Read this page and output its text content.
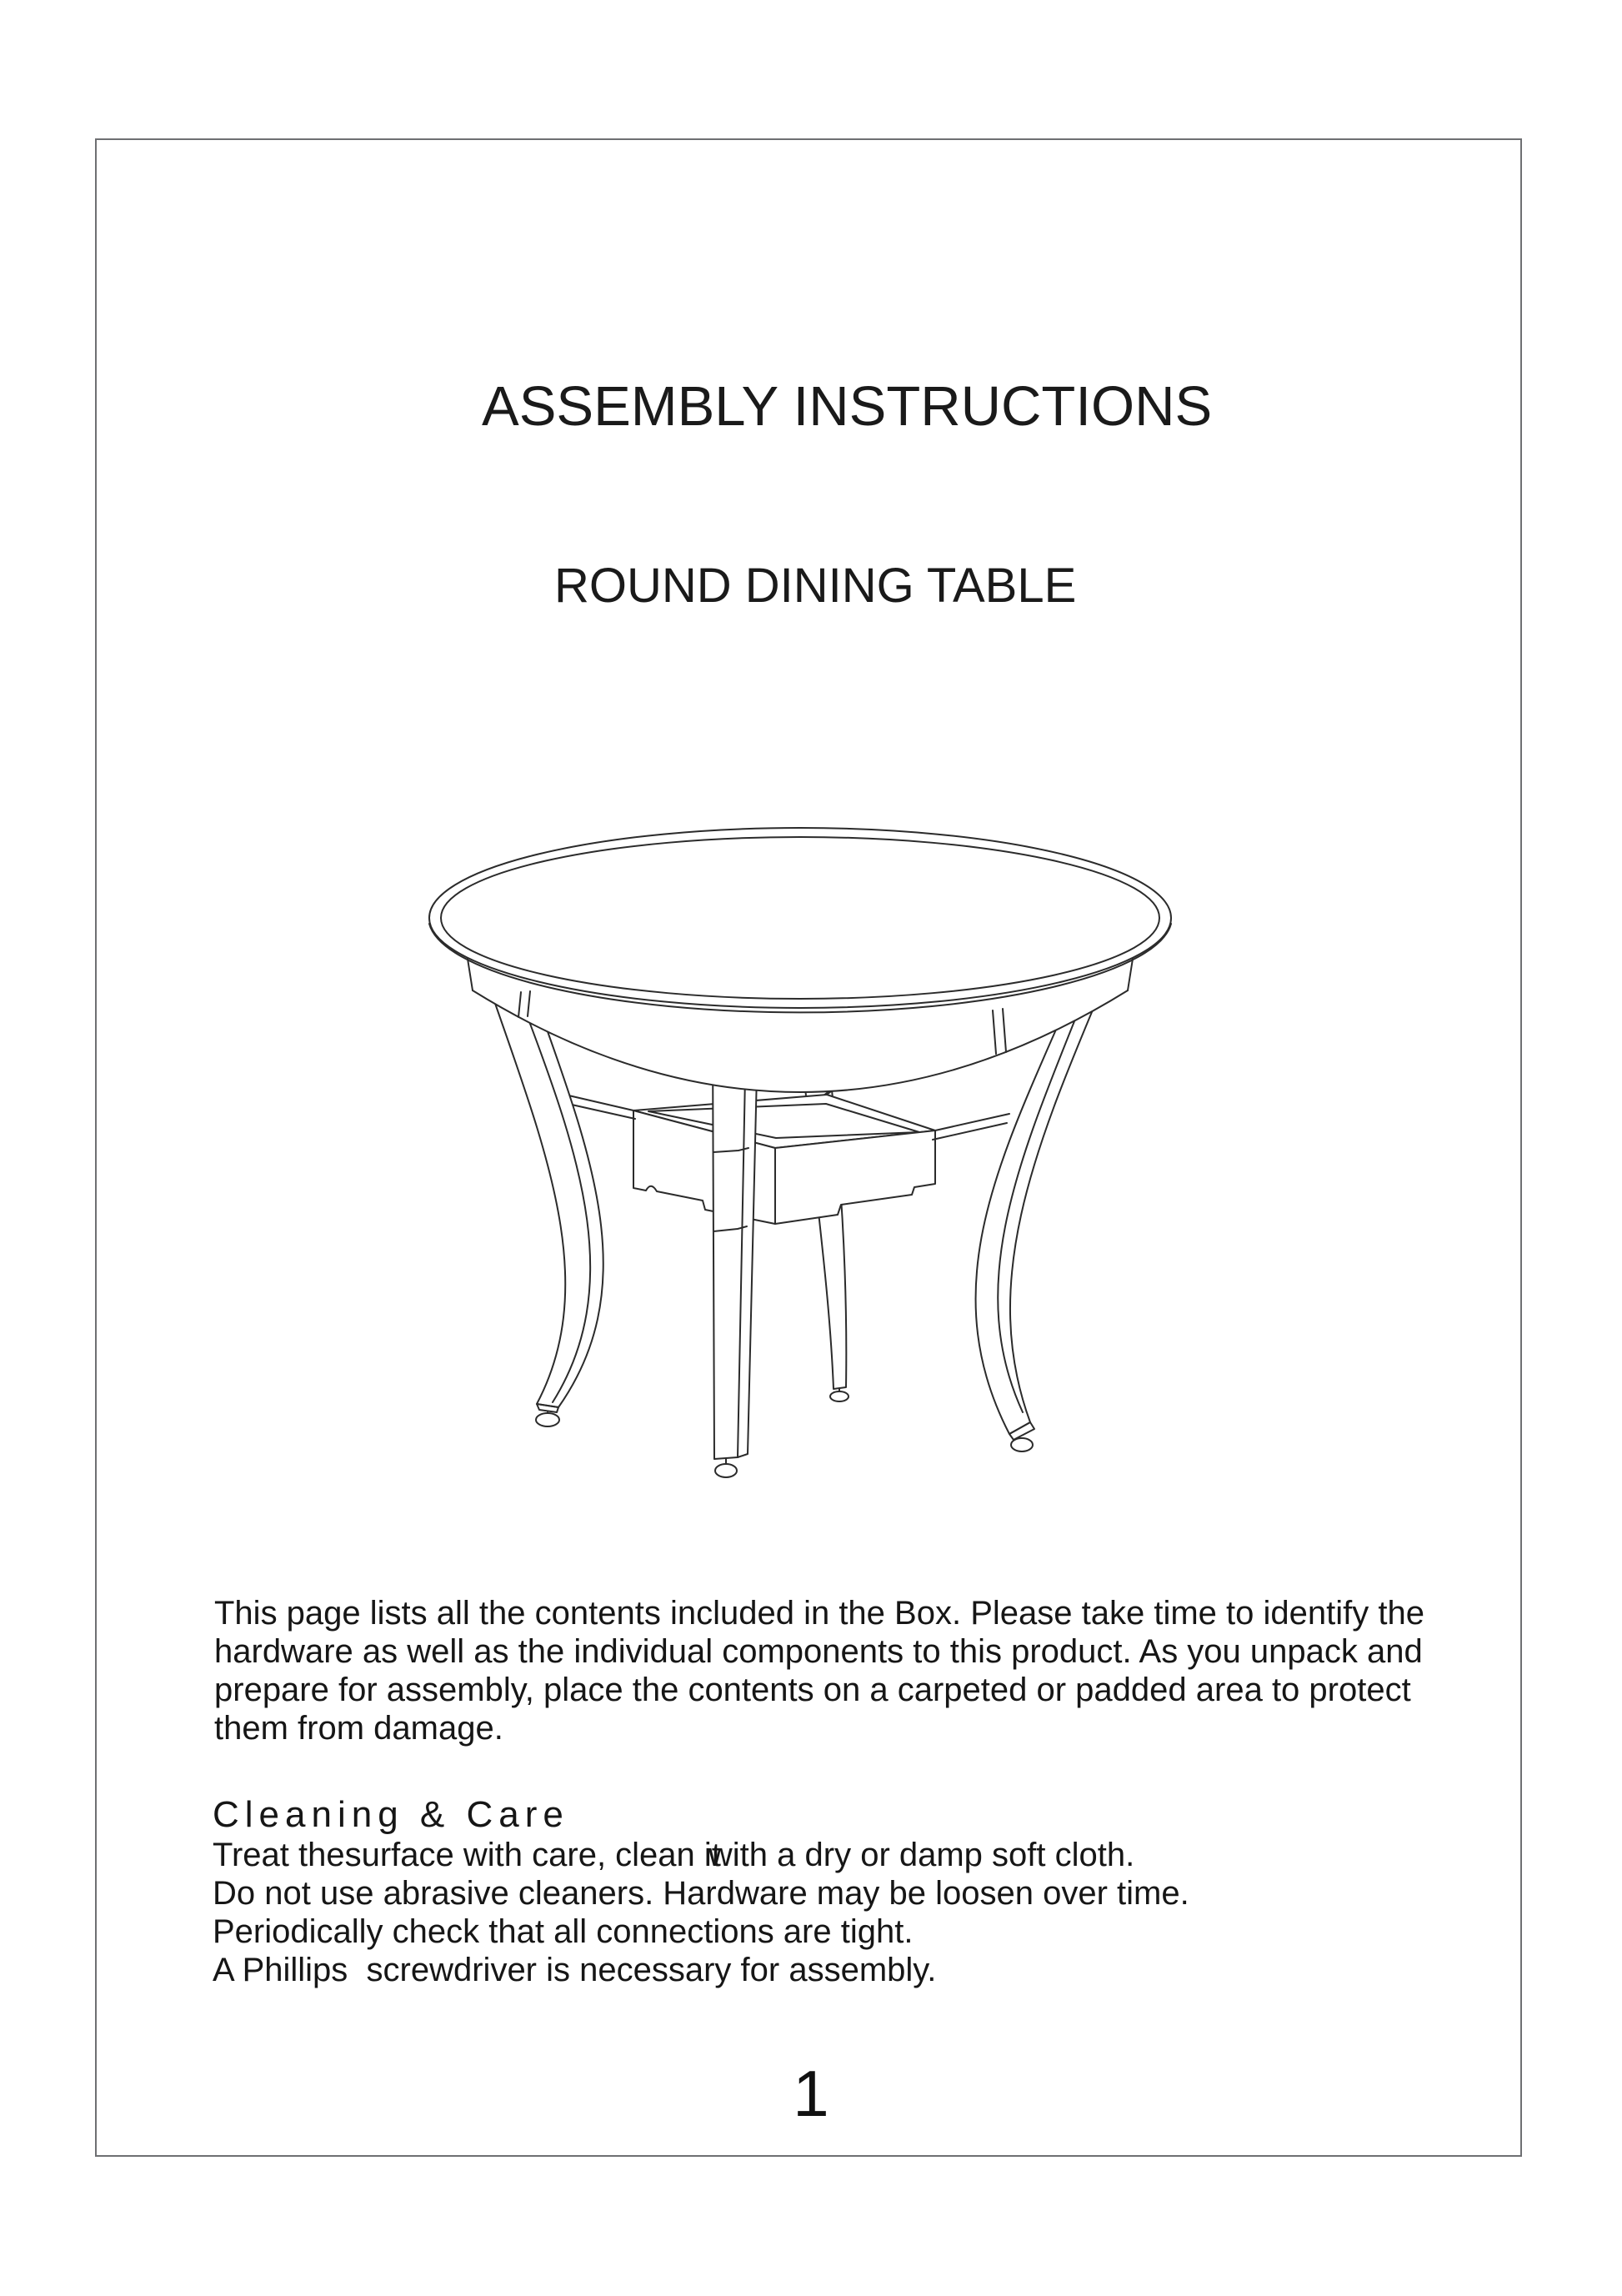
ASSEMBLY INSTRUCTIONS
ROUND DINING TABLE
This page lists all the contents included in the Box. Please take time to identify the
hardware as well as the individual components to this product. As you unpack and
prepare for assembly, place the contents on a carpeted or padded area to protect
them from damage.
Cleaning & Care
Treat thesurface with care, clean itwith a dry or damp soft cloth.
Do not use abrasive cleaners. Hardware may be loosen over time.
Periodically check that all connections are tight.
A Phillips  screwdriver is necessary for assembly.
1
